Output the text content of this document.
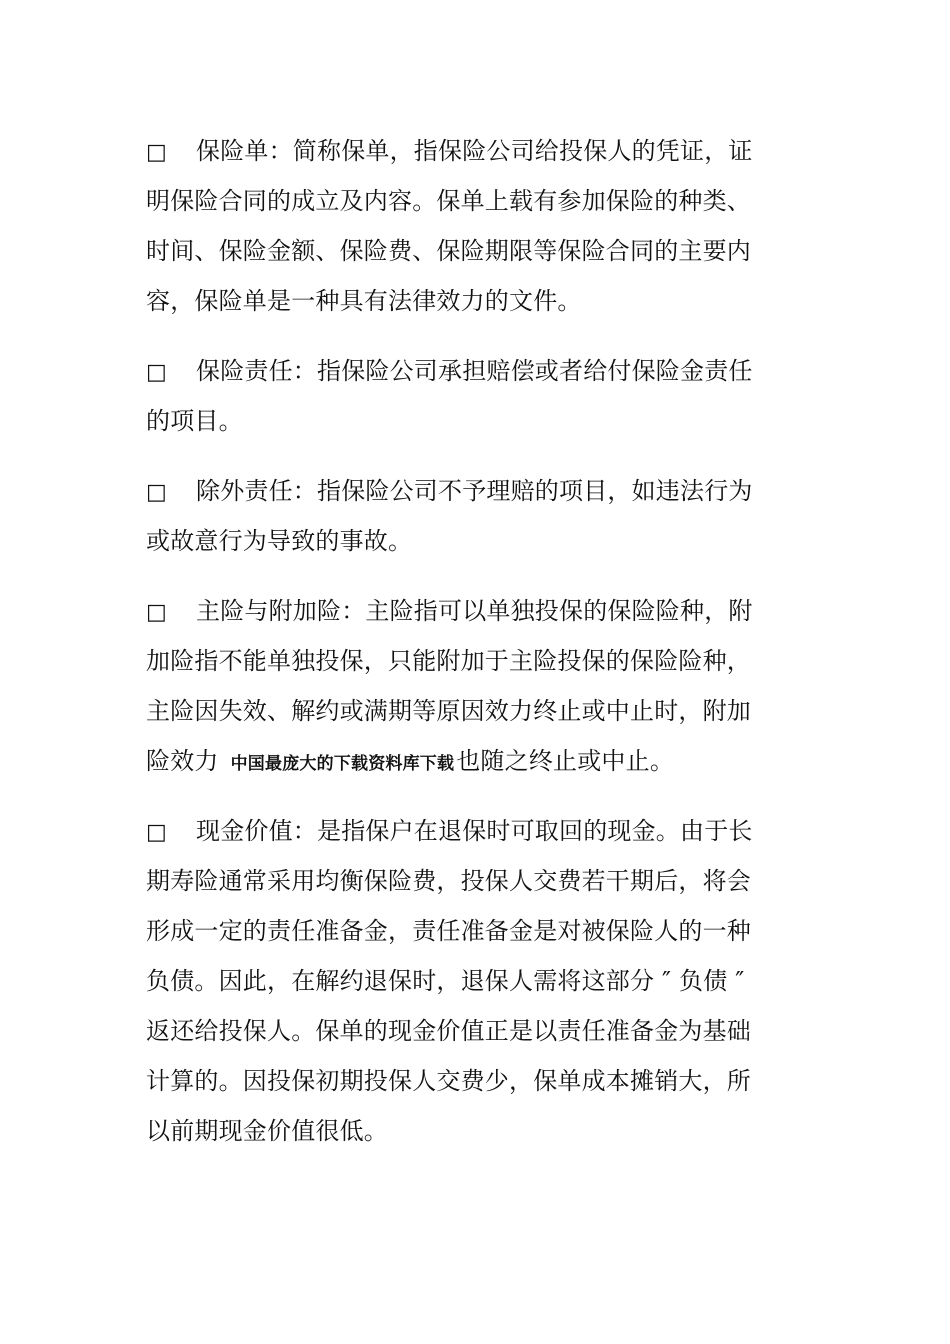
□ 保险单：简称保单，指保险公司给投保人的凭证，证
明保险合同的成立及内容。保单上载有参加保险的种类、
时间、保险金额、保险费、保险期限等保险合同的主要内
容，保险单是一种具有法律效力的文件。
□ 保险责任：指保险公司承担赔偿或者给付保险金责任
的项目。
□ 除外责任：指保险公司不予理赔的项目，如违法行为
或故意行为导致的事故。
□ 主险与附加险：主险指可以单独投保的保险险种，附
加险指不能单独投保，只能附加于主险投保的保险险种，
主险因失效、解约或满期等原因效力终止或中止时，附加
险效力 中国最庞大的下载资料库下载也随之终止或中止。
□ 现金价值：是指保户在退保时可取回的现金。由于长
期寿险通常采用均衡保险费，投保人交费若干期后，将会
形成一定的责任准备金，责任准备金是对被保险人的一种
负债。因此，在解约退保时，退保人需将这部分 ″ 负债 ″
返还给投保人。保单的现金价值正是以责任准备金为基础
计算的。因投保初期投保人交费少，保单成本摊销大，所
以前期现金价值很低。
